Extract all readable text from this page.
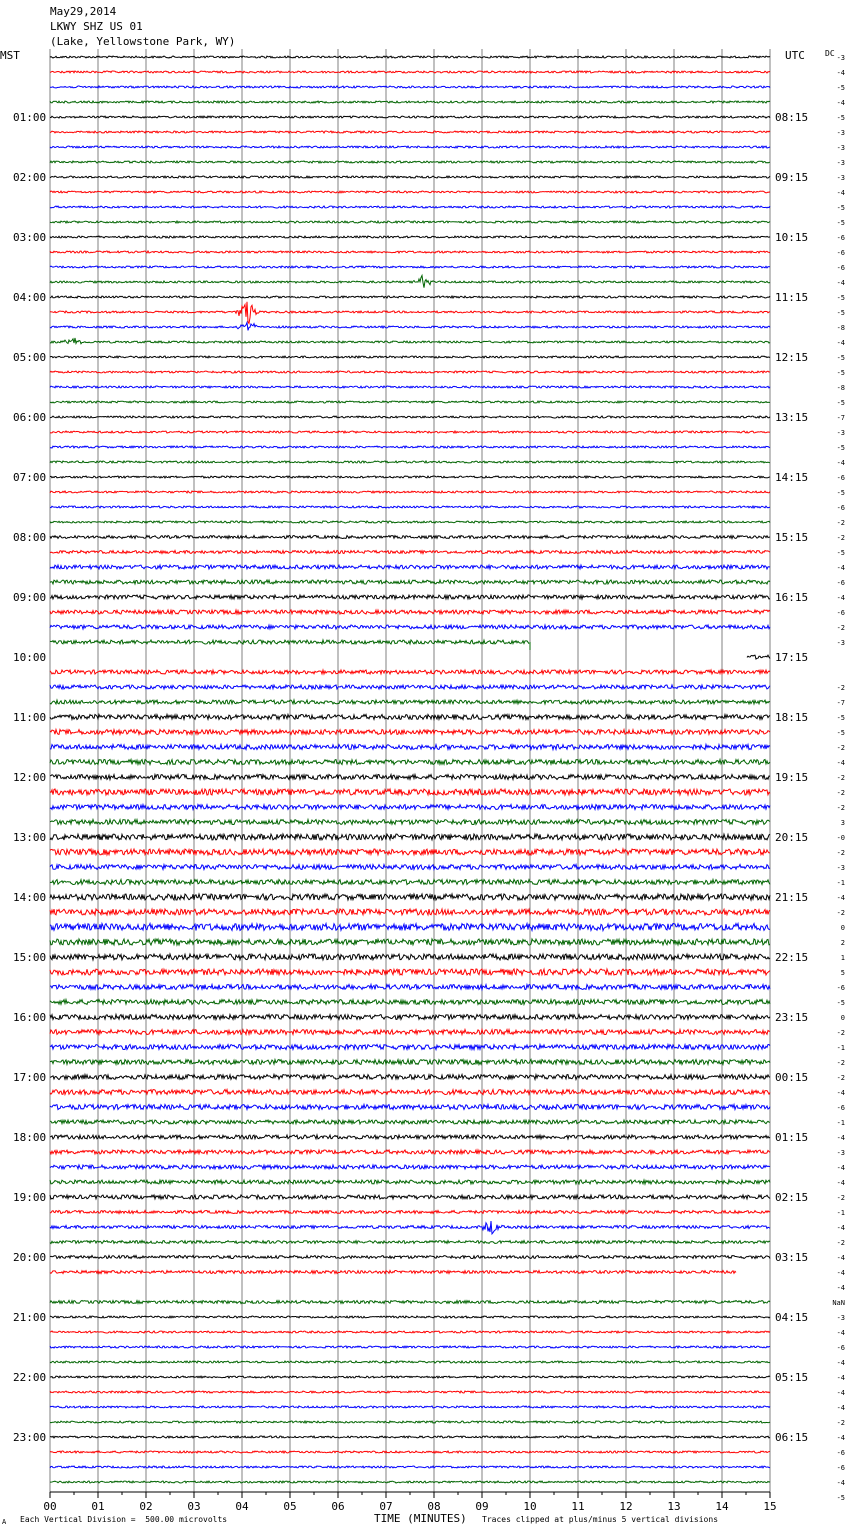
May29,2014
LKWY SHZ US 01
(Lake, Yellowstone Park, WY)
MST	UTC	DC
01:00
02:00
03:00
04:00
05:00
06:00
07:00
08:00
09:00
10:00
11:00
12:00
13:00
14:00
15:00
16:00
17:00
18:00
19:00
20:00
21:00
22:00
23:00
08:15
09:15
10:15
11:15
12:15
13:15
14:15
15:15
16:15
17:15
18:15
19:15
20:15
21:15
22:15
23:15
00:15
01:15
02:15
03:15
04:15
05:15
06:15
-3
-4
-5
-4
-5
-3
-3
-3
-3
-4
-5
-5
-6
-6
-6
-4
-5
-5
-8
-4
-5
-5
-8
-5
-7
-3
-5
-4
-6
-5
-6
-2
-2
-5
-4
-6
-4
-6
-2
-3
-2
-7
-5
-5
-2
-4
-2
-2
-2
3
-0
-2
-3
-1
-4
-2
0
2
1
5
-6
-5
0
-2
-1
-2
-2
-4
-6
-1
-4
-3
-4
-4
-2
-1
-4
-2
-4
-4
-4
NaN
-3
-4
-6
-4
-4
-4
-4
-2
-4
-6
-6
-4
-5
00	01	02	03	04	05	06	07	08	09	10	11	12	13	14	15
A Each Vertical Division =  500.00 microvolts	TIME (MINUTES) Traces clipped at plus/minus 5 vertical divisions
